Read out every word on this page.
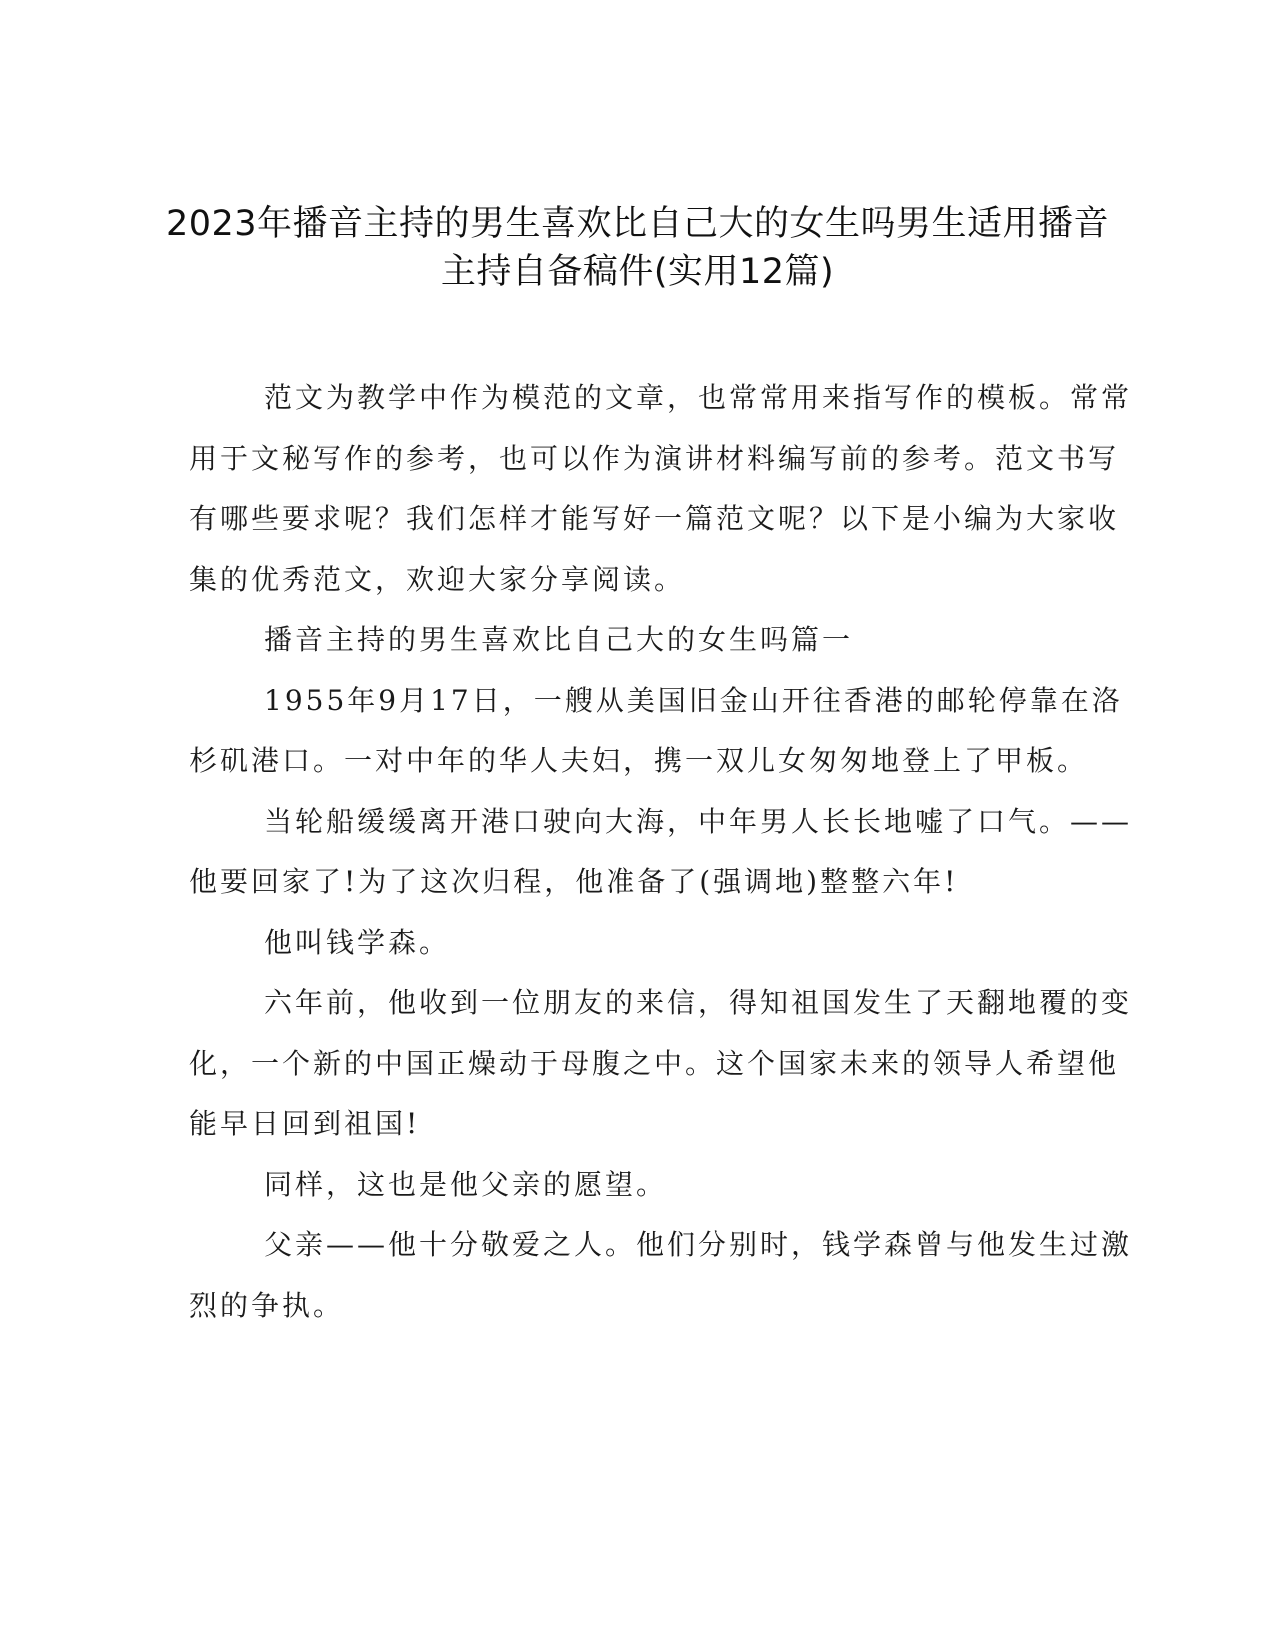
2023年播音主持的男生喜欢比自己大的女生吗男生适用播音
主持自备稿件(实用12篇)
范文为教学中作为模范的文章，也常常用来指写作的模板。常常
用于文秘写作的参考，也可以作为演讲材料编写前的参考。范文书写
有哪些要求呢？我们怎样才能写好一篇范文呢？以下是小编为大家收
集的优秀范文，欢迎大家分享阅读。
播音主持的男生喜欢比自己大的女生吗篇一
1955年9月17日，一艘从美国旧金山开往香港的邮轮停靠在洛
杉矶港口。一对中年的华人夫妇，携一双儿女匆匆地登上了甲板。
当轮船缓缓离开港口驶向大海，中年男人长长地嘘了口气。——
他要回家了!为了这次归程，他准备了(强调地)整整六年!
他叫钱学森。
六年前，他收到一位朋友的来信，得知祖国发生了天翻地覆的变
化，一个新的中国正燥动于母腹之中。这个国家未来的领导人希望他
能早日回到祖国!
同样，这也是他父亲的愿望。
父亲——他十分敬爱之人。他们分别时，钱学森曾与他发生过激
烈的争执。
